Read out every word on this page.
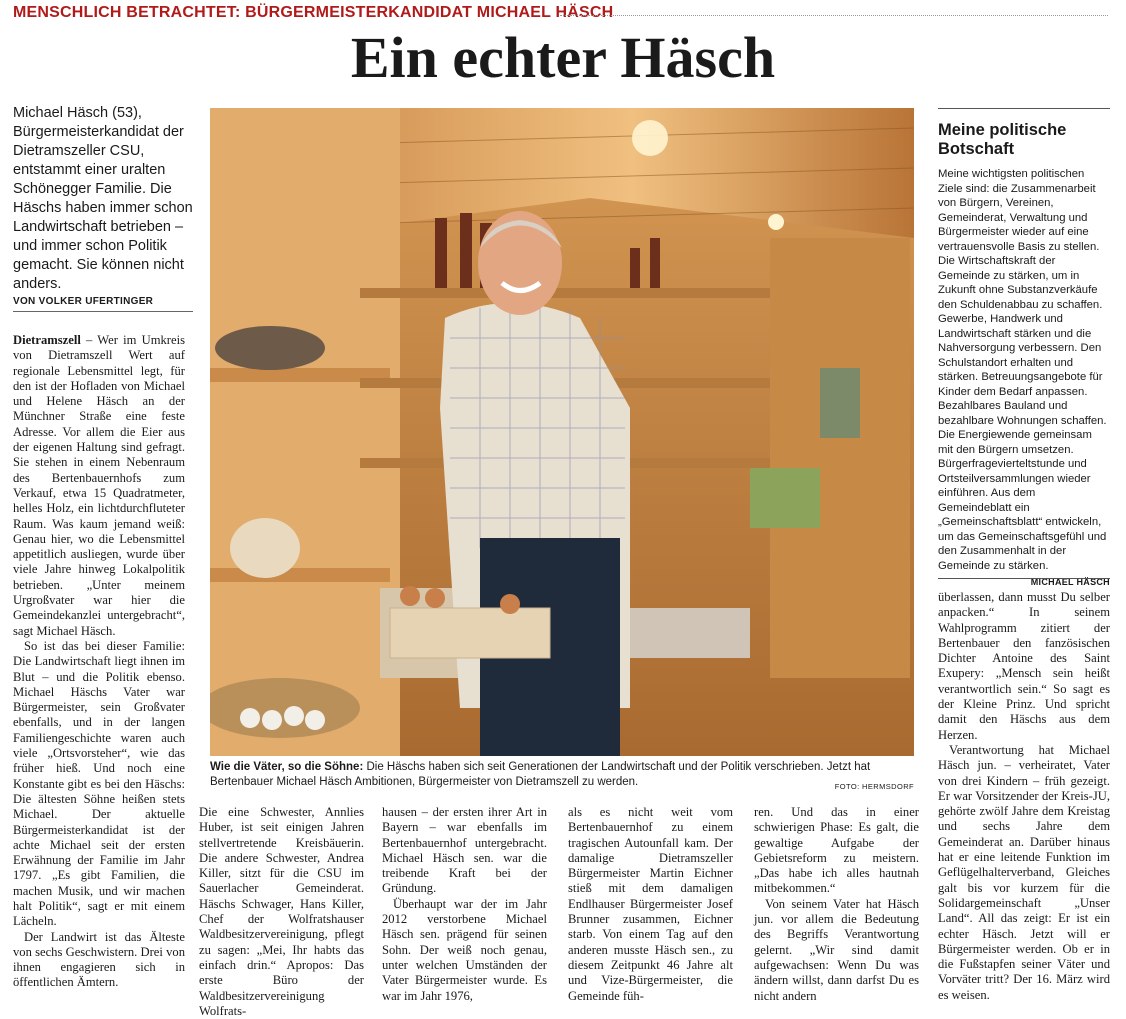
MENSCHLICH BETRACHTET: BÜRGERMEISTERKANDIDAT MICHAEL HÄSCH
Ein echter Häsch
Michael Häsch (53), Bürgermeisterkandidat der Dietramszeller CSU, entstammt einer uralten Schönegger Familie. Die Häschs haben immer schon Landwirtschaft betrieben – und immer schon Politik gemacht. Sie können nicht anders.
VON VOLKER UFERTINGER

Dietramszell – Wer im Umkreis von Dietramszell Wert auf regionale Lebensmittel legt, für den ist der Hofladen von Michael und Helene Häsch an der Münchner Straße eine feste Adresse. Vor allem die Eier aus der eigenen Haltung sind gefragt. Sie stehen in einem Nebenraum des Bertenbauernhofs zum Verkauf, etwa 15 Quadratmeter, helles Holz, ein lichtdurchfluteter Raum. Was kaum jemand weiß: Genau hier, wo die Lebensmittel appetitlich ausliegen, wurde über viele Jahre hinweg Lokalpolitik betrieben. „Unter meinem Urgroßvater war hier die Gemeindekanzlei untergebracht“, sagt Michael Häsch.

So ist das bei dieser Familie: Die Landwirtschaft liegt ihnen im Blut – und die Politik ebenso. Michael Häschs Vater war Bürgermeister, sein Großvater ebenfalls, und in der langen Familiengeschichte waren auch viele „Ortsvorsteher“, wie das früher hieß. Und noch eine Konstante gibt es bei den Häschs: Die ältesten Söhne heißen stets Michael. Der aktuelle Bürgermeisterkandidat ist der achte Michael seit der ersten Erwähnung der Familie im Jahr 1797. „Es gibt Familien, die machen Musik, und wir machen halt Politik“, sagt er mit einem Lächeln.

Der Landwirt ist das Älteste von sechs Geschwistern. Drei von ihnen engagieren sich in öffentlichen Ämtern.

Wie die Väter, so die Söhne: Die Häschs haben sich seit Generationen der Landwirtschaft und der Politik verschrieben. Jetzt hat Bertenbauer Michael Häsch Ambitionen, Bürgermeister von Dietramszell zu werden.	FOTO: HERMSDORF

Die eine Schwester, Annlies Huber, ist seit einigen Jahren stellvertretende Kreisbäuerin. Die andere Schwester, Andrea Killer, sitzt für die CSU im Sauerlacher Gemeinderat. Häschs Schwager, Hans Killer, Chef der Wolfratshauser Waldbesitzervereinigung, pflegt zu sagen: „Mei, Ihr habts das einfach drin.“ Apropos: Das erste Büro der Waldbesitzervereinigung Wolfrats-

hausen – der ersten ihrer Art in Bayern – war ebenfalls im Bertenbauernhof untergebracht. Michael Häsch sen. war die treibende Kraft bei der Gründung.

Überhaupt war der im Jahr 2012 verstorbene Michael Häsch sen. prägend für seinen Sohn. Der weiß noch genau, unter welchen Umständen der Vater Bürgermeister wurde. Es war im Jahr 1976,

als es nicht weit vom Bertenbauernhof zu einem tragischen Autounfall kam. Der damalige Dietramszeller Bürgermeister Martin Eichner stieß mit dem damaligen Endlhauser Bürgermeister Josef Brunner zusammen, Eichner starb. Von einem Tag auf den anderen musste Häsch sen., zu diesem Zeitpunkt 46 Jahre alt und Vize-Bürgermeister, die Gemeinde füh-

ren. Und das in einer schwierigen Phase: Es galt, die gewaltige Aufgabe der Gebietsreform zu meistern. „Das habe ich alles hautnah mitbekommen.“

Von seinem Vater hat Häsch jun. vor allem die Bedeutung des Begriffs Verantwortung gelernt. „Wir sind damit aufgewachsen: Wenn Du was ändern willst, dann darfst Du es nicht andern

Meine politische Botschaft
Meine wichtigsten politischen Ziele sind: die Zusammenarbeit von Bürgern, Vereinen, Gemeinderat, Verwaltung und Bürgermeister wieder auf eine vertrauensvolle Basis zu stellen. Die Wirtschaftskraft der Gemeinde zu stärken, um in Zukunft ohne Substanzverkäufe den Schuldenabbau zu schaffen. Gewerbe, Handwerk und Landwirtschaft stärken und die Nahversorgung verbessern. Den Schulstandort erhalten und stärken. Betreuungsangebote für Kinder dem Bedarf anpassen. Bezahlbares Bauland und bezahlbare Wohnungen schaffen. Die Energiewende gemeinsam mit den Bürgern umsetzen. Bürgerfragevierteltstunde und Ortsteilversammlungen wieder einführen. Aus dem Gemeindeblatt ein „Gemeinschaftsblatt“ entwickeln, um das Gemeinschaftsgefühl und den Zusammenhalt in der Gemeinde zu stärken.
MICHAEL HÄSCH

überlassen, dann musst Du selber anpacken.“ In seinem Wahlprogramm zitiert der Bertenbauer den fanzösischen Dichter Antoine des Saint Exupery: „Mensch sein heißt verantwortlich sein.“ So sagt es der Kleine Prinz. Und spricht damit den Häschs aus dem Herzen.

Verantwortung hat Michael Häsch jun. – verheiratet, Vater von drei Kindern – früh gezeigt. Er war Vorsitzender der Kreis-JU, gehörte zwölf Jahre dem Kreistag und sechs Jahre dem Gemeinderat an. Darüber hinaus hat er eine leitende Funktion im Geflügelhalterverband, Gleiches galt bis vor kurzem für die Solidargemeinschaft „Unser Land“. All das zeigt: Er ist ein echter Häsch. Jetzt will er Bürgermeister werden. Ob er in die Fußstapfen seiner Väter und Vorväter tritt? Der 16. März wird es weisen.
